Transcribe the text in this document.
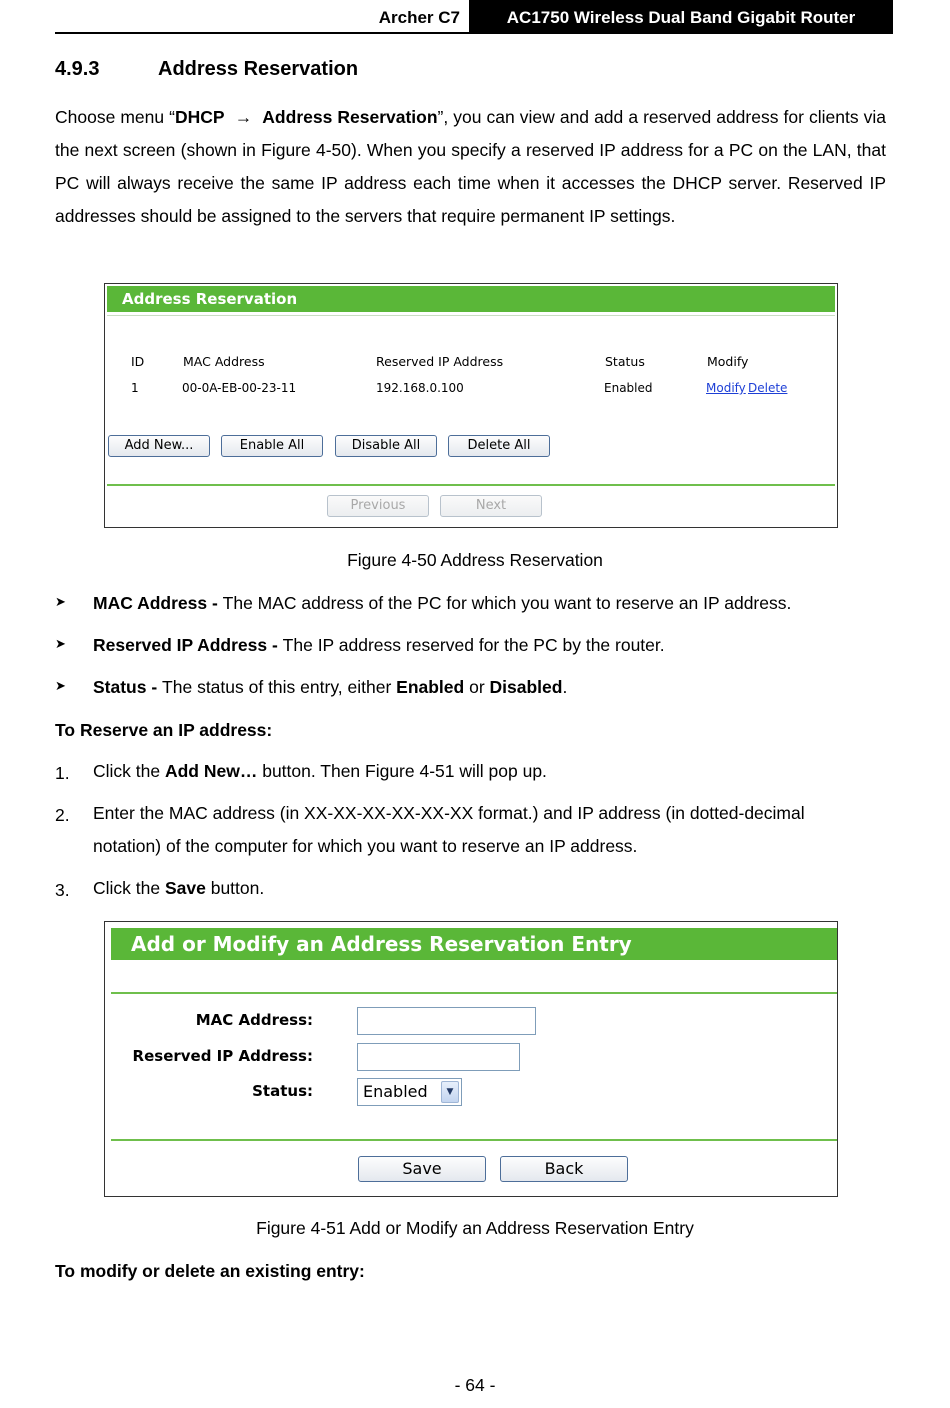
Archer C7	AC1750 Wireless Dual Band Gigabit Router
4.9.3	Address Reservation
Choose menu “DHCP → Address Reservation”, you can view and add a reserved address for clients via the next screen (shown in Figure 4-50). When you specify a reserved IP address for a PC on the LAN, that PC will always receive the same IP address each time when it accesses the DHCP server. Reserved IP addresses should be assigned to the servers that require permanent IP settings.
Address Reservation
ID	MAC Address	Reserved IP Address	Status	Modify
1	00-0A-EB-00-23-11	192.168.0.100	Enabled	Modify Delete
Add New...	Enable All	Disable All	Delete All
Previous	Next
Figure 4-50 Address Reservation
➤ MAC Address - The MAC address of the PC for which you want to reserve an IP address.
➤ Reserved IP Address - The IP address reserved for the PC by the router.
➤ Status - The status of this entry, either Enabled or Disabled.
To Reserve an IP address:
1. Click the Add New… button. Then Figure 4-51 will pop up.
2. Enter the MAC address (in XX-XX-XX-XX-XX-XX format.) and IP address (in dotted-decimal
notation) of the computer for which you want to reserve an IP address.
3. Click the Save button.
Add or Modify an Address Reservation Entry
MAC Address:
Reserved IP Address:
Status:	Enabled	▼
Save	Back
Figure 4-51 Add or Modify an Address Reservation Entry
To modify or delete an existing entry:
- 64 -
